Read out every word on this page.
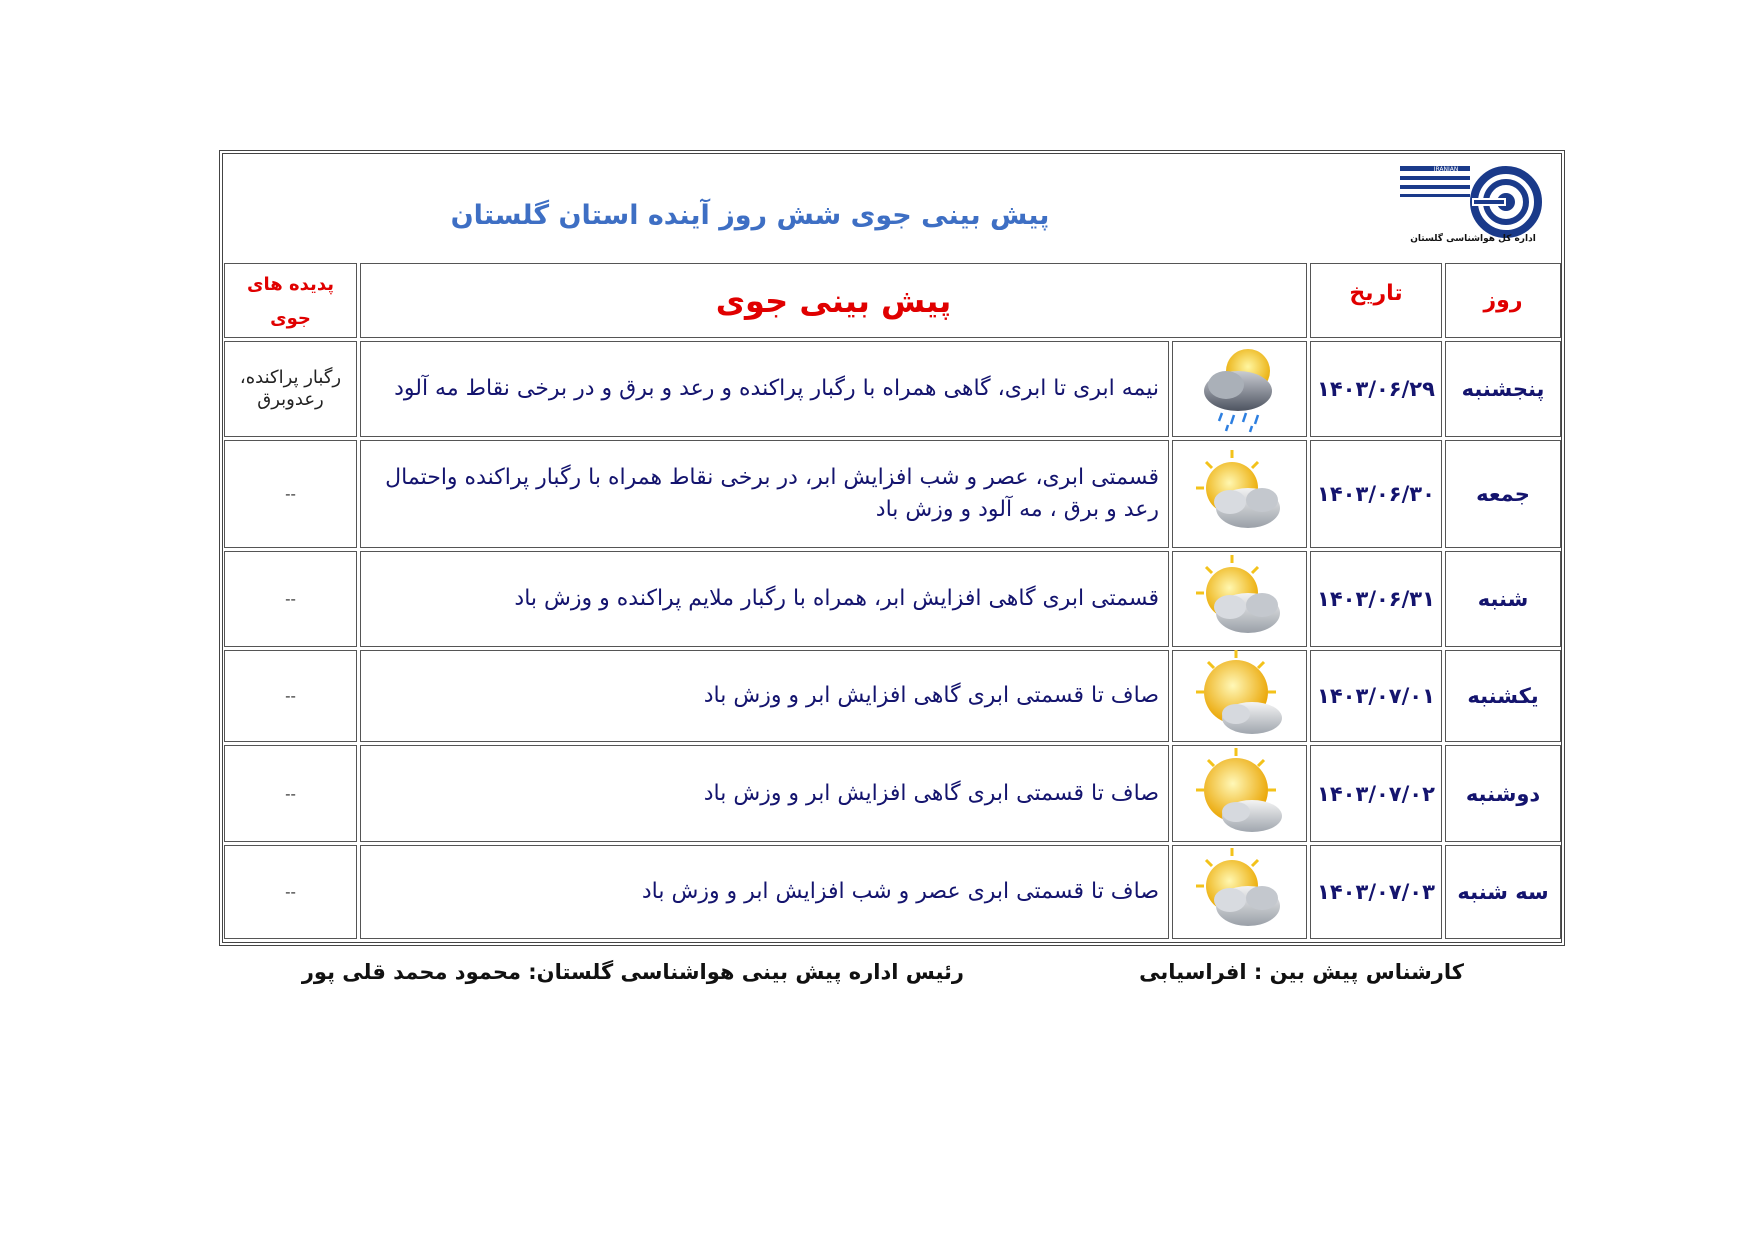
IRANIAN
اداره کل هواشناسی گلستان
پیش بینی جوی شش روز آینده استان گلستان
روز
تاریخ
پیش بینی جوی
پدیده های
جوی
پنجشنبه
۱۴۰۳/۰۶/۲۹
نیمه ابری تا ابری، گاهی همراه با رگبار پراکنده و رعد و برق و در برخی نقاط مه آلود
رگبار پراکنده،
رعدوبرق
جمعه
۱۴۰۳/۰۶/۳۰
قسمتی ابری، عصر و شب افزایش ابر، در برخی نقاط همراه با رگبار پراکنده واحتمال
رعد و برق ، مه آلود و وزش باد
--
شنبه
۱۴۰۳/۰۶/۳۱
قسمتی ابری گاهی افزایش ابر، همراه با رگبار ملایم پراکنده و وزش باد
--
یکشنبه
۱۴۰۳/۰۷/۰۱
صاف تا قسمتی ابری گاهی افزایش ابر و وزش باد
--
دوشنبه
۱۴۰۳/۰۷/۰۲
صاف تا قسمتی ابری گاهی افزایش ابر و وزش باد
--
سه شنبه
۱۴۰۳/۰۷/۰۳
صاف تا قسمتی ابری عصر و شب افزایش ابر و وزش باد
--
کارشناس پیش بین : افراسیابی
رئیس اداره پیش بینی هواشناسی گلستان: محمود محمد قلی پور
